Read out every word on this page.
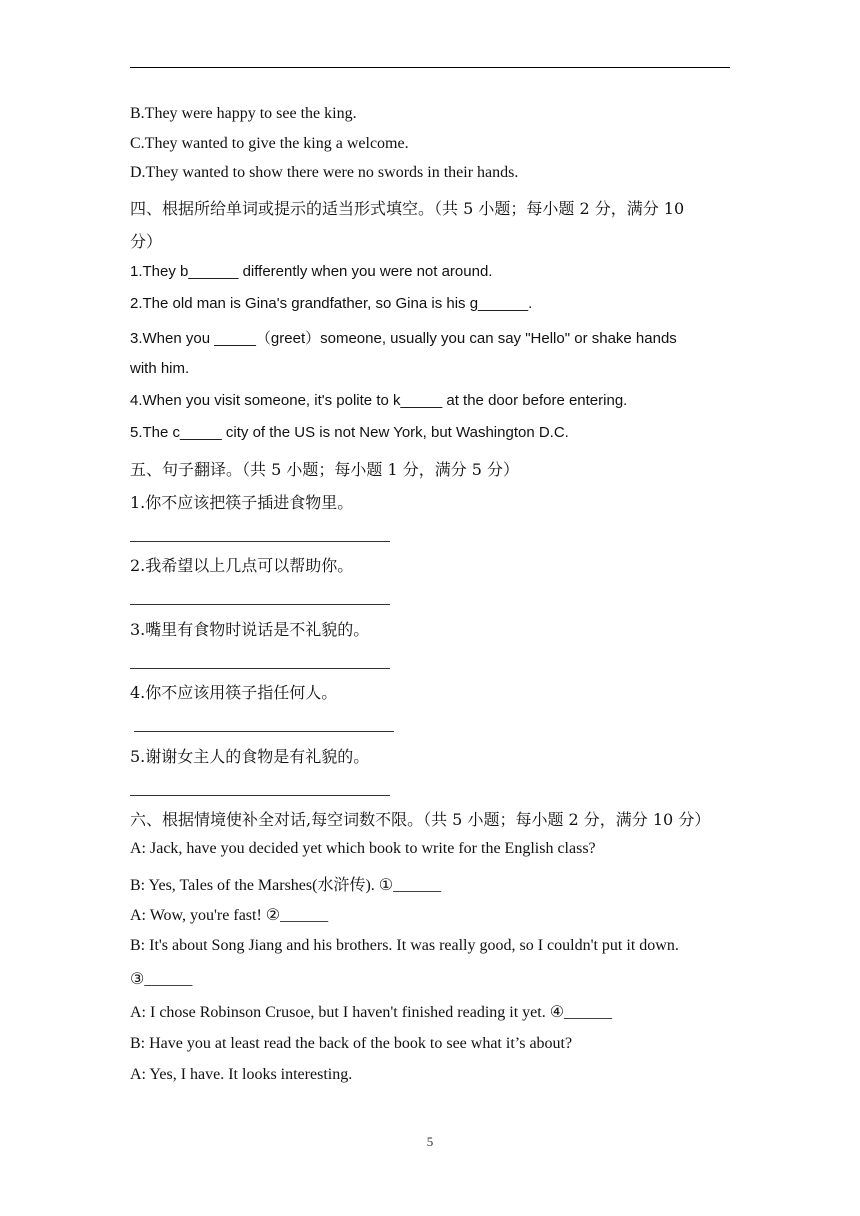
B.They were happy to see the king.
C.They wanted to give the king a welcome.
D.They wanted to show there were no swords in their hands.
四、根据所给单词或提示的适当形式填空。（共 5 小题；每小题 2 分，满分 10
分）
1.They b______ differently when you were not around.
2.The old man is Gina's grandfather, so Gina is his g______.
3.When you _____（greet）someone, usually you can say "Hello" or shake hands
with him.
4.When you visit someone, it's polite to k_____ at the door before entering.
5.The c_____ city of the US is not New York, but Washington D.C.
五、句子翻译。（共 5 小题；每小题 1 分，满分 5 分）
1.你不应该把筷子插进食物里。
2.我希望以上几点可以帮助你。
3.嘴里有食物时说话是不礼貌的。
4.你不应该用筷子指任何人。
5.谢谢女主人的食物是有礼貌的。
六、根据情境使补全对话,每空词数不限。（共 5 小题；每小题 2 分，满分 10 分）
A: Jack, have you decided yet which book to write for the English class?
B: Yes, Tales of the Marshes(水浒传). ①______
A: Wow, you're fast! ②______
B: It's about Song Jiang and his brothers. It was really good, so I couldn't put it down.
③______
A: I chose Robinson Crusoe, but I haven't finished reading it yet. ④______
B: Have you at least read the back of the book to see what it’s about?
A: Yes, I have. It looks interesting.
5
